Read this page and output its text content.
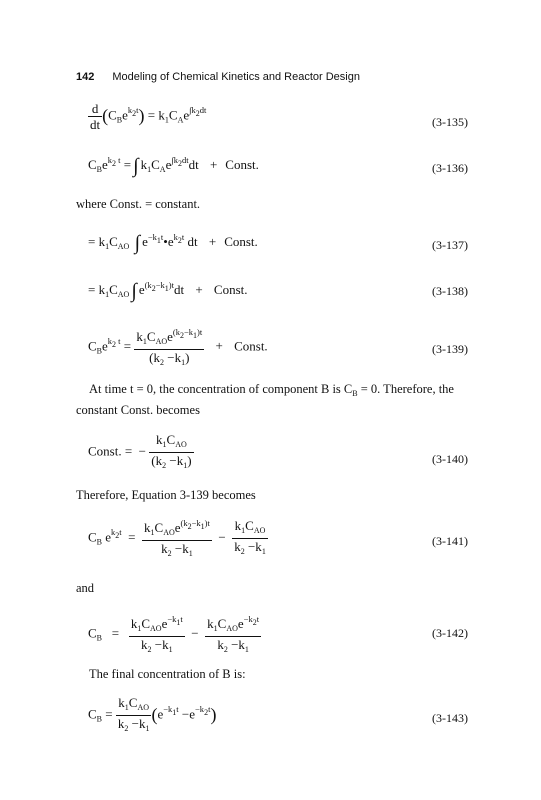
142 Modeling of Chemical Kinetics and Reactor Design
$\frac{d}{dt} (C_Be^{k_2t}) = k_1C_Ae^{\int k_2dt}$
(3-135)
$C_Be^{k_2 t}$ = ∫ $k_1C_Ae^{\int k_2dt}dt$ + Const.	(3-136)
where Const. = constant.
= $k_1C_{AO}$ ∫ $e^{-k_1t}•e^{k_2t}$ dt + Const.	(3-137)
= $k_1C_{AO}$ ∫ $e^{(k_2-k_1)t}dt$ + Const.	(3-138)
$C_Be^{k_2 t} = \frac{k_1C_{AO}e^{(k_2-k_1)t}}{(k_2 -k_1)}$ + Const.	(3-139)
At time t = 0, the concentration of component B is $C_B = 0$. Therefore, the constant Const. becomes
Const. =  − $\frac{k_1C_{AO}}{(k_2 -k_1)}$	(3-140)
Therefore, Equation 3-139 becomes
$C_B$ $e^{k_2t} = \frac{k_1C_{AO}e^{(k_2-k_1)t}}{k_2 -k_1} - \frac{k_1C_{AO}}{k_2 -k_1}$	(3-141)
and
$C_B = \frac{k_1C_{AO}e^{-k_1t}}{k_2 -k_1} - \frac{k_1C_{AO}e^{-k_2t}}{k_2 -k_1}$	(3-142)
The final concentration of B is:
$C_B = \frac{k_1C_{AO}}{k_2 -k_1} (e^{-k_1t} -e^{-k_2t})$	(3-143)
